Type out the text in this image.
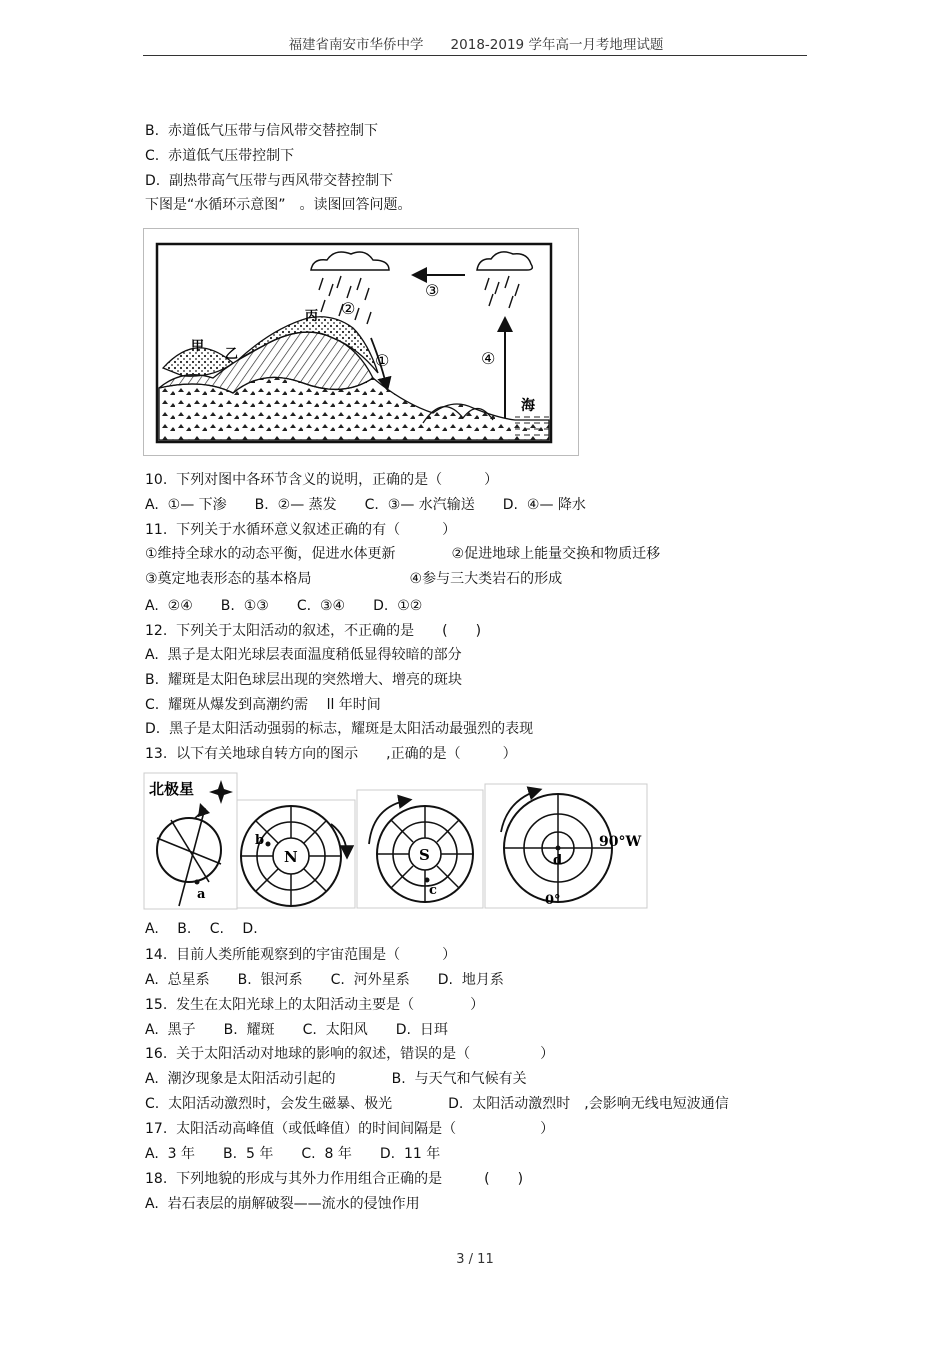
福建省南安市华侨中学　　2018-2019 学年高一月考地理试题
B.  赤道低气压带与信风带交替控制下
C.  赤道低气压带控制下
D.  副热带高气压带与西风带交替控制下
下图是“水循环示意图”　。读图回答问题。
③
②
丙
甲
乙	①	④
海
10.  下列对图中各环节含义的说明，正确的是（　　　）
A.  ①— 下渗　　B.  ②— 蒸发　　C.  ③— 水汽输送　　D.  ④— 降水
11.  下列关于水循环意义叙述正确的有（　　　）
①维持全球水的动态平衡，促进水体更新　　　　②促进地球上能量交换和物质迁移
③奠定地表形态的基本格局　　　　　　　④参与三大类岩石的形成
A.  ②④　　B.  ①③　　C.  ③④　　D.  ①②
12.  下列关于太阳活动的叙述，不正确的是　　(　　)
A.  黑子是太阳光球层表面温度稍低显得较暗的部分
B.  耀斑是太阳色球层出现的突然增大、增亮的斑块
C.  耀斑从爆发到高潮约需　 ll 年时间
D.  黑子是太阳活动强弱的标志，耀斑是太阳活动最强烈的表现
13.  以下有关地球自转方向的图示　　,正确的是（　　　）
北极星
a
b
N	S
c
d
90°W
0°
A.　 B.　 C.　 D.
14.  目前人类所能观察到的宇宙范围是（　　　）
A.  总星系　　B.  银河系　　C.  河外星系　　D.  地月系
15.  发生在太阳光球上的太阳活动主要是（　　　　）
A.  黑子　　B.  耀斑　　C.  太阳风　　D.  日珥
16.  关于太阳活动对地球的影响的叙述，错误的是（　　　　　）
A.  潮汐现象是太阳活动引起的　　　　B.  与天气和气候有关
C.  太阳活动激烈时，会发生磁暴、极光　　　　D.  太阳活动激烈时　,会影响无线电短波通信
17.  太阳活动高峰值（或低峰值）的时间间隔是（　　　　　　）
A.  3 年　　B.  5 年　　C.  8 年　　D.  11 年
18.  下列地貌的形成与其外力作用组合正确的是　　　(　　)
A.  岩石表层的崩解破裂——流水的侵蚀作用
3 / 11
